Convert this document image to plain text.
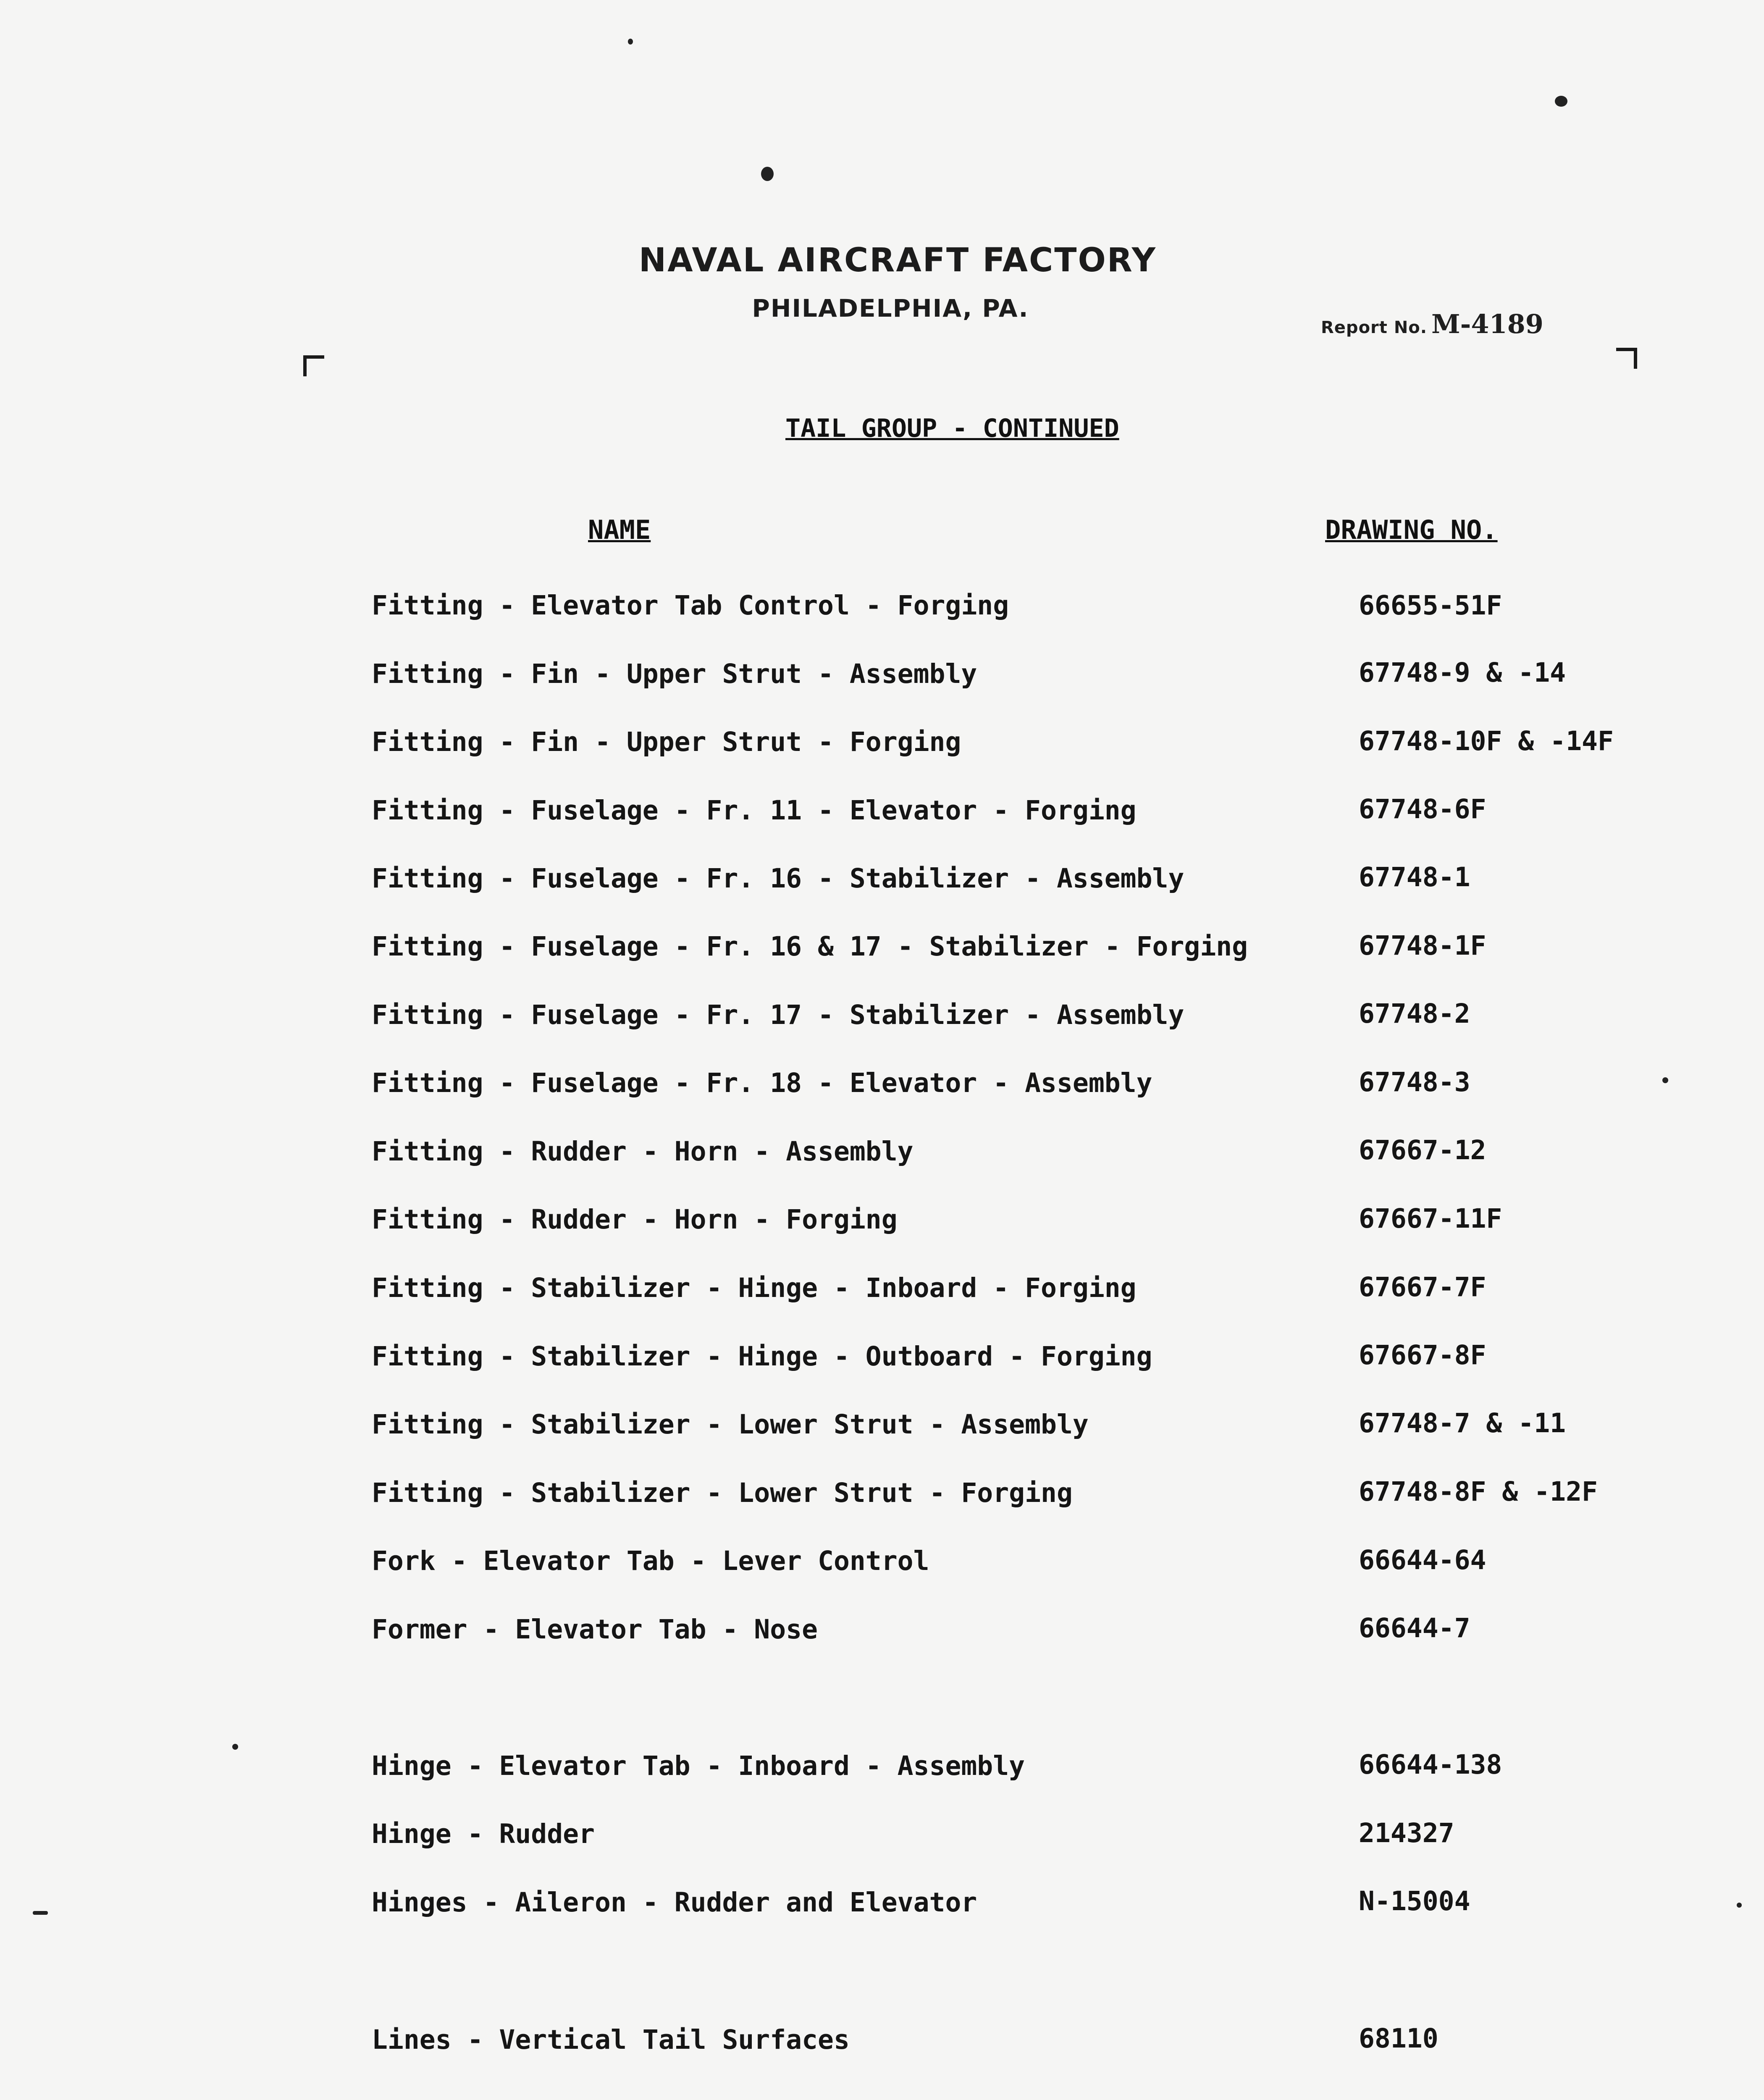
NAVAL AIRCRAFT FACTORY
PHILADELPHIA, PA.
Report No. M-4189
TAIL GROUP - CONTINUED
NAME	DRAWING NO.
Fitting - Elevator Tab Control - Forging	66655-51F
Fitting - Fin - Upper Strut - Assembly	67748-9 & -14
Fitting - Fin - Upper Strut - Forging	67748-10F & -14F
Fitting - Fuselage - Fr. 11 - Elevator - Forging	67748-6F
Fitting - Fuselage - Fr. 16 - Stabilizer - Assembly	67748-1
Fitting - Fuselage - Fr. 16 & 17 - Stabilizer - Forging	67748-1F
Fitting - Fuselage - Fr. 17 - Stabilizer - Assembly	67748-2
Fitting - Fuselage - Fr. 18 - Elevator - Assembly	67748-3
Fitting - Rudder - Horn - Assembly	67667-12
Fitting - Rudder - Horn - Forging	67667-11F
Fitting - Stabilizer - Hinge - Inboard - Forging	67667-7F
Fitting - Stabilizer - Hinge - Outboard - Forging	67667-8F
Fitting - Stabilizer - Lower Strut - Assembly	67748-7 & -11
Fitting - Stabilizer - Lower Strut - Forging	67748-8F & -12F
Fork - Elevator Tab - Lever Control	66644-64
Former - Elevator Tab - Nose	66644-7
Hinge - Elevator Tab - Inboard - Assembly	66644-138
Hinge - Rudder	214327
Hinges - Aileron - Rudder and Elevator	N-15004
Lines - Vertical Tail Surfaces	68110
